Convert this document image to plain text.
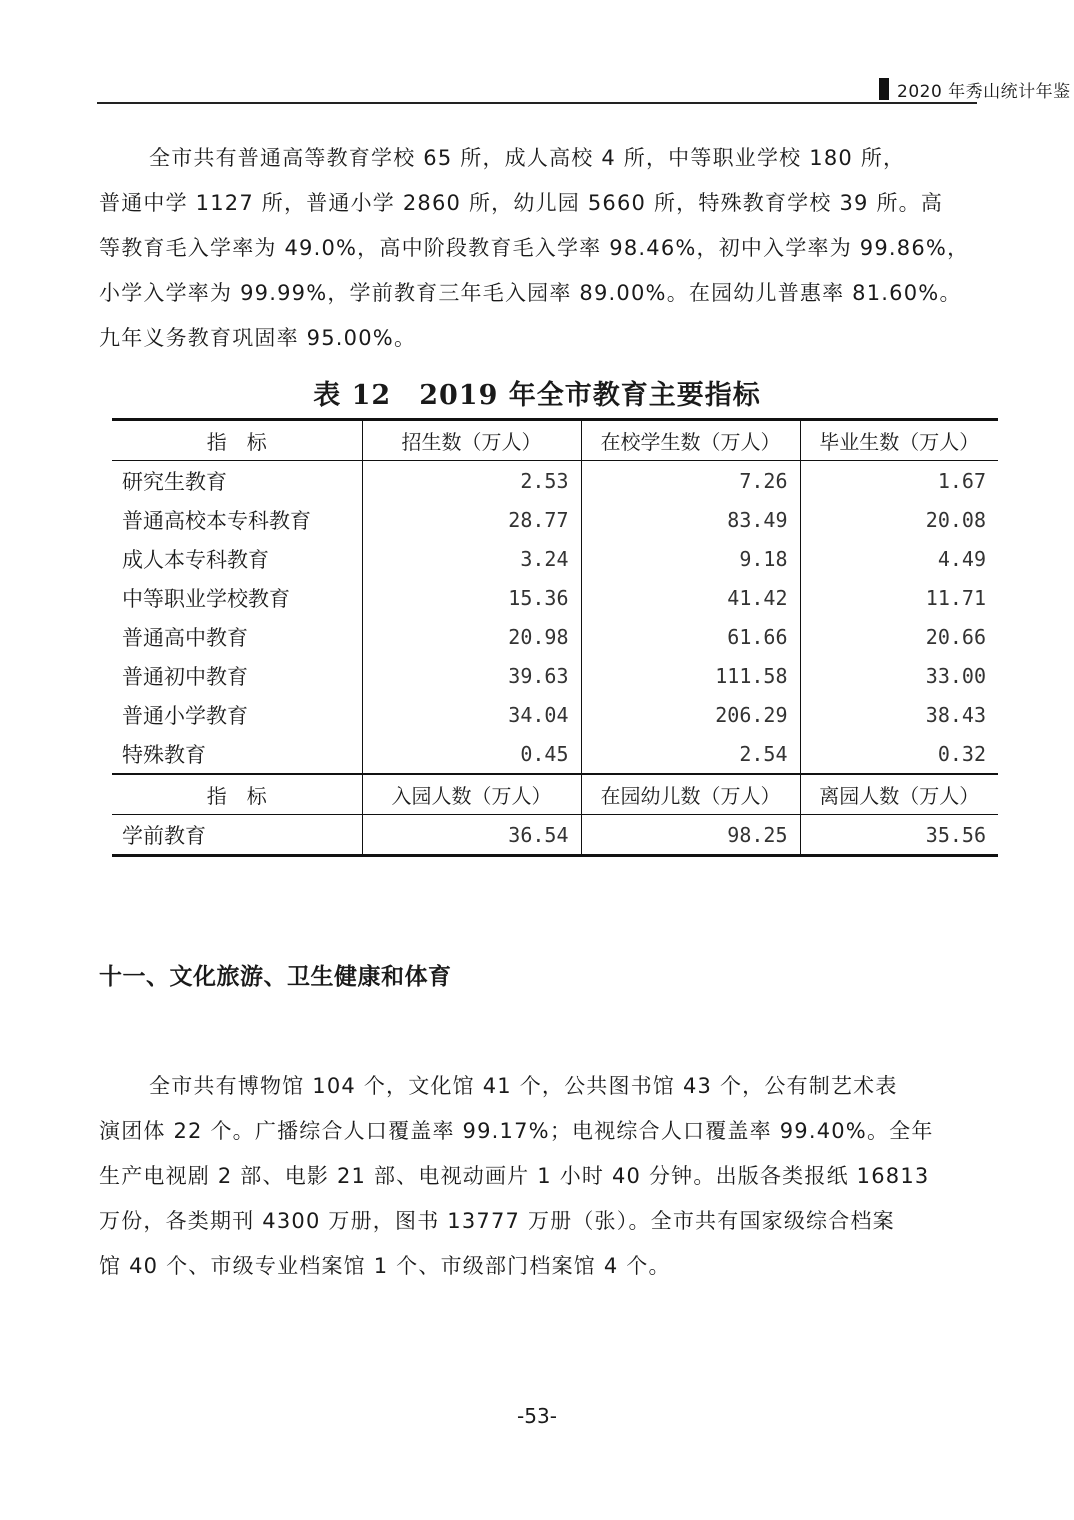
2020 年秀山统计年鉴
全市共有普通高等教育学校 65 所，成人高校 4 所，中等职业学校 180 所，
普通中学 1127 所，普通小学 2860 所，幼儿园 5660 所，特殊教育学校 39 所。高
等教育毛入学率为 49.0%，高中阶段教育毛入学率 98.46%，初中入学率为 99.86%，
小学入学率为 99.99%，学前教育三年毛入园率 89.00%。在园幼儿普惠率 81.60%。
九年义务教育巩固率 95.00%。
表 12　2019 年全市教育主要指标
指　标	招生数（万人）	在校学生数（万人）	毕业生数（万人）
研究生教育	2.53	7.26	1.67
普通高校本专科教育	28.77	83.49	20.08
成人本专科教育	3.24	9.18	4.49
中等职业学校教育	15.36	41.42	11.71
普通高中教育	20.98	61.66	20.66
普通初中教育	39.63	111.58	33.00
普通小学教育	34.04	206.29	38.43
特殊教育	0.45	2.54	0.32
指　标	入园人数（万人）	在园幼儿数（万人）	离园人数（万人）
学前教育	36.54	98.25	35.56
十一、文化旅游、卫生健康和体育
全市共有博物馆 104 个，文化馆 41 个，公共图书馆 43 个，公有制艺术表
演团体 22 个。广播综合人口覆盖率 99.17%；电视综合人口覆盖率 99.40%。全年
生产电视剧 2 部、电影 21 部、电视动画片 1 小时 40 分钟。出版各类报纸 16813
万份，各类期刊 4300 万册，图书 13777 万册（张）。全市共有国家级综合档案
馆 40 个、市级专业档案馆 1 个、市级部门档案馆 4 个。
-53-
